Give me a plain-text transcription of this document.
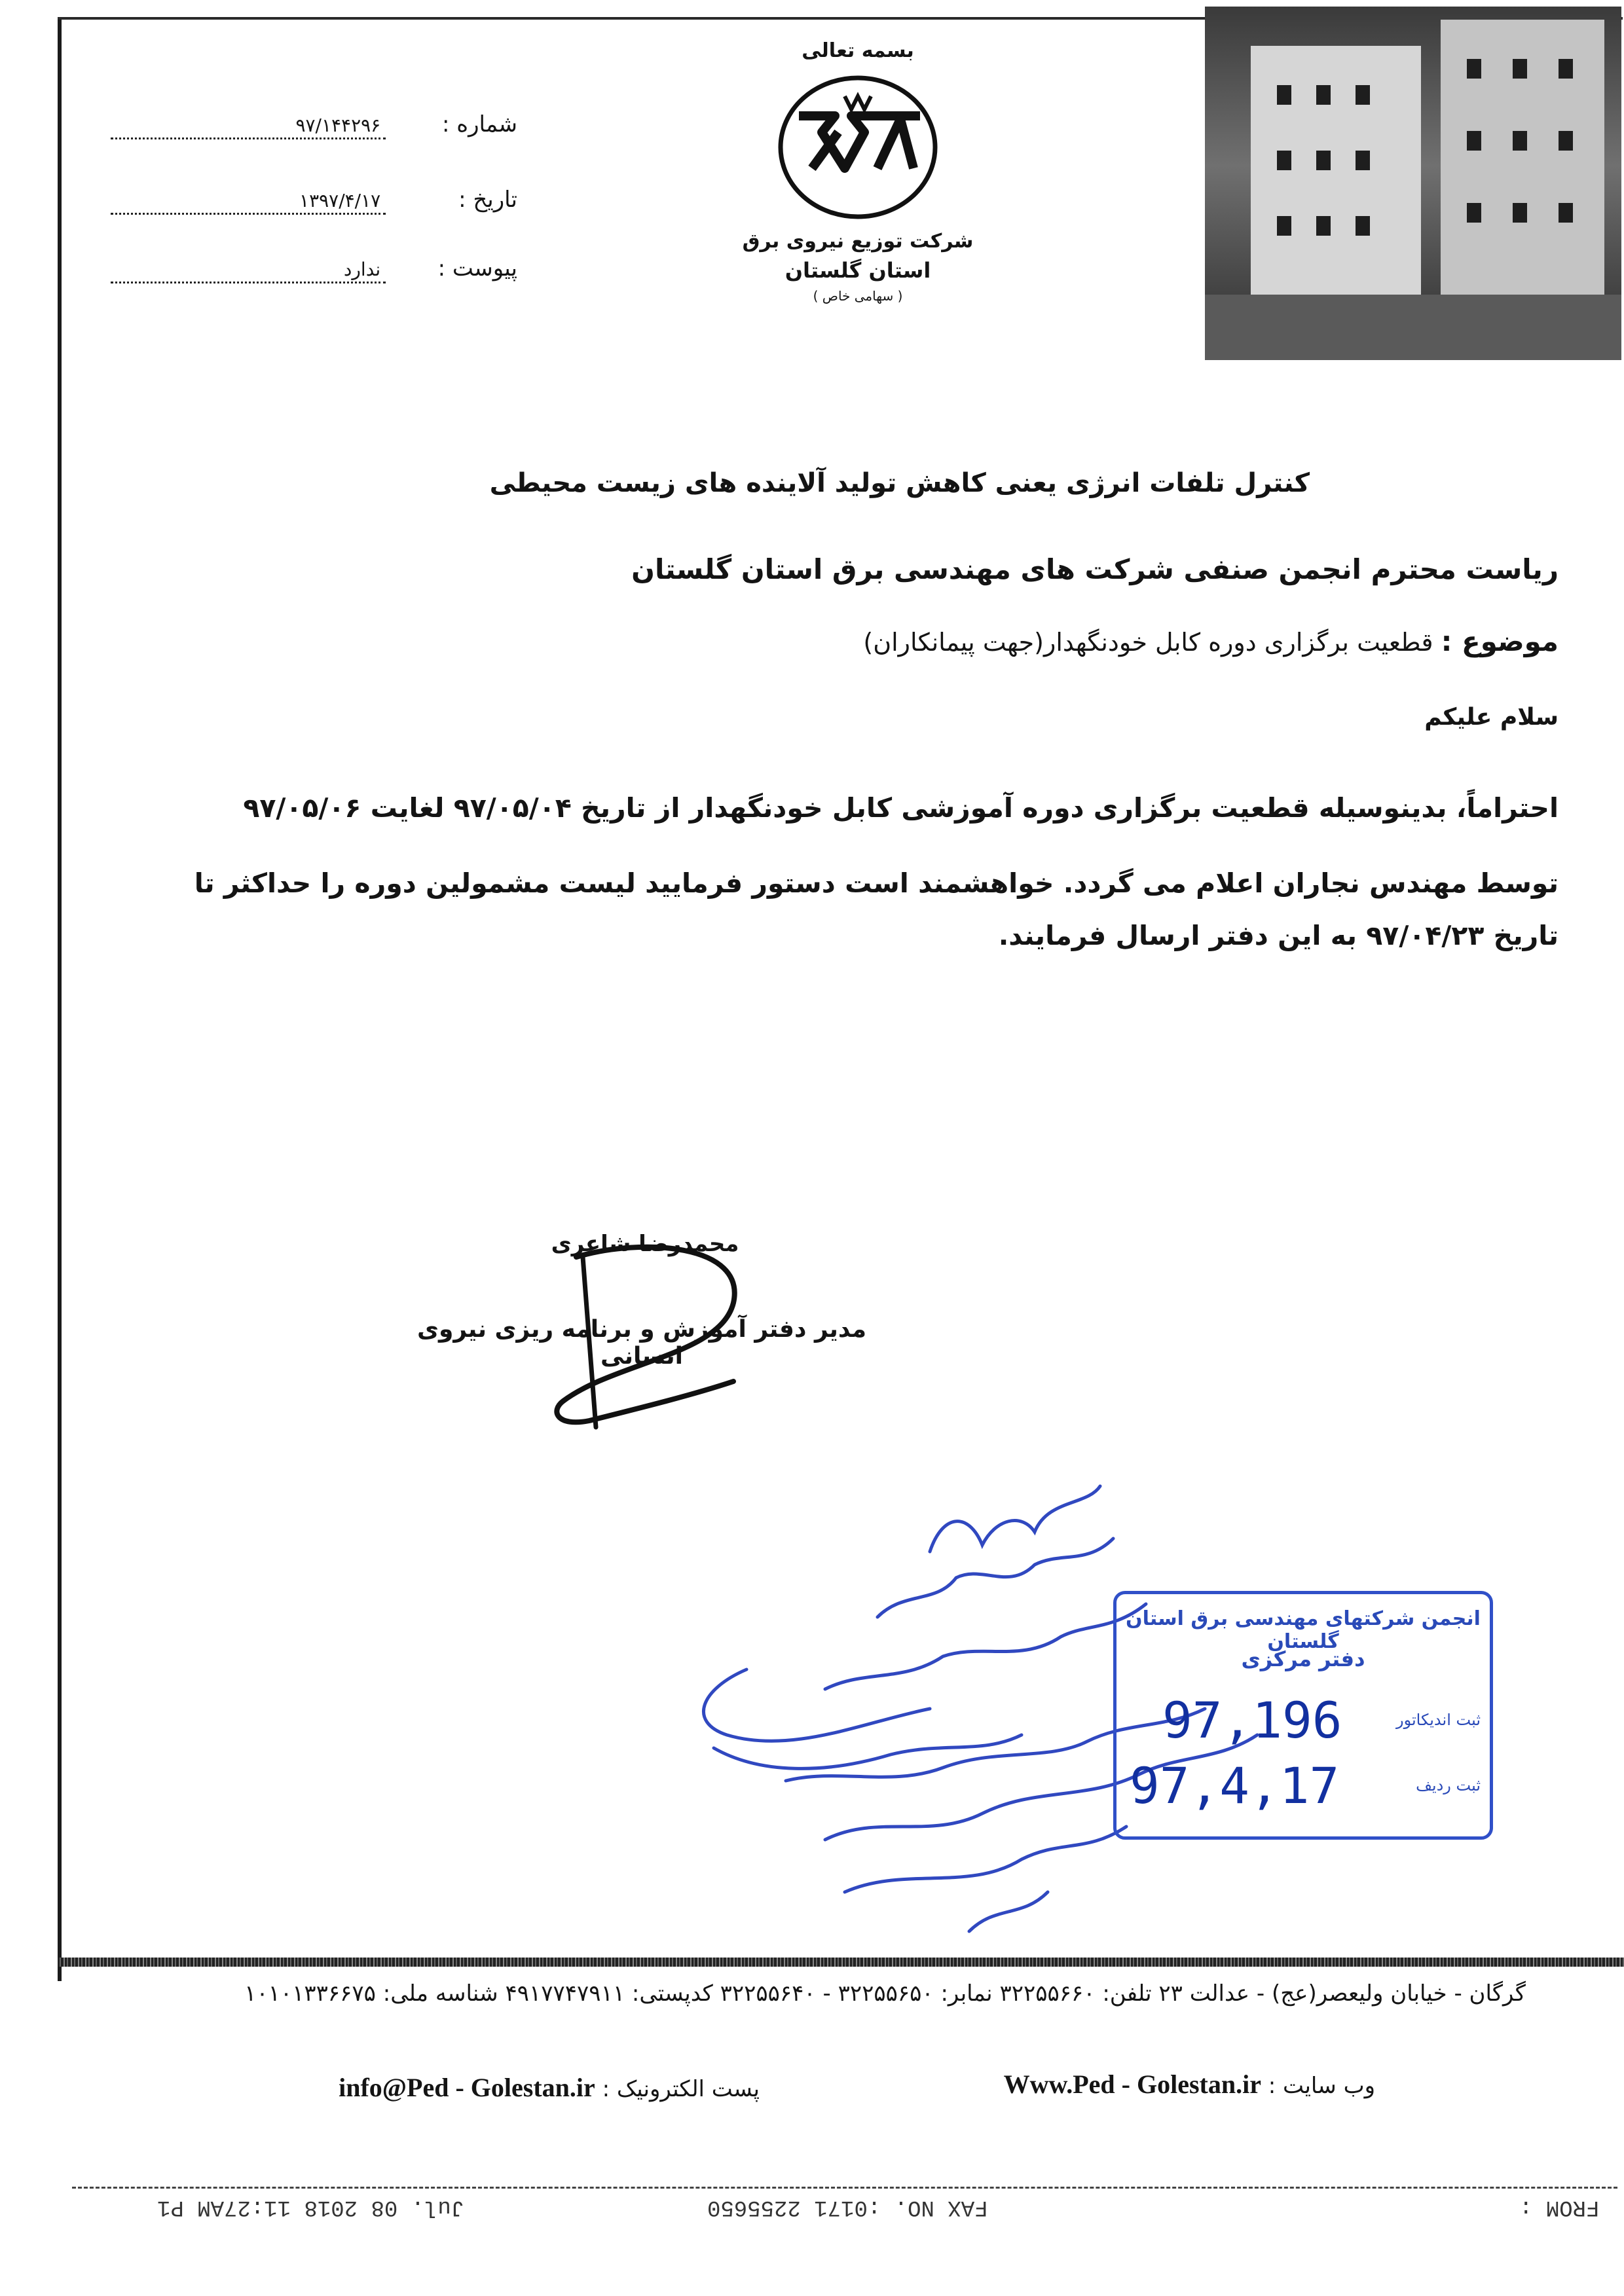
شماره : ۹۷/۱۴۴۲۹۶
تاریخ : ۱۳۹۷/۴/۱۷
پیوست : ندارد
بسمه تعالی
شرکت توزیع نیروی برق
استان گلستان
( سهامی خاص )
کنترل تلفات انرژی یعنی کاهش تولید آلاینده های زیست محیطی
ریاست محترم انجمن صنفی شرکت های مهندسی برق استان گلستان
موضوع : قطعیت برگزاری دوره کابل خودنگهدار(جهت پیمانکاران)
سلام علیکم
احتراماً، بدینوسیله قطعیت برگزاری دوره آموزشی کابل خودنگهدار از تاریخ ۹۷/۰۵/۰۴ لغایت ۹۷/۰۵/۰۶
توسط مهندس نجاران اعلام می گردد. خواهشمند است دستور فرمایید لیست مشمولین دوره را حداکثر تا
تاریخ ۹۷/۰۴/۲۳ به این دفتر ارسال فرمایند.
محمدرضا شاعری
مدیر دفتر آموزش و برنامه ریزی نیروی انسانی
انجمن شرکتهای مهندسی برق استان گلستان
دفتر مرکزی
ثبت اندیکاتور
97,196
ثبت ردیف
97,4,17
گرگان - خیابان ولیعصر(عج) - عدالت ۲۳ تلفن: ۳۲۲۵۵۶۶۰ نمابر: ۳۲۲۵۵۶۵۰ - ۳۲۲۵۵۶۴۰ کدپستی: ۴۹۱۷۷۴۷۹۱۱ شناسه ملی: ۱۰۱۰۱۳۳۶۶۷۵
وب سایت : Www.Ped - Golestan.ir
پست الکترونیک : info@Ped - Golestan.ir
FROM :
FAX NO. :0171 2255650
Jul. 08 2018 11:27AM P1
